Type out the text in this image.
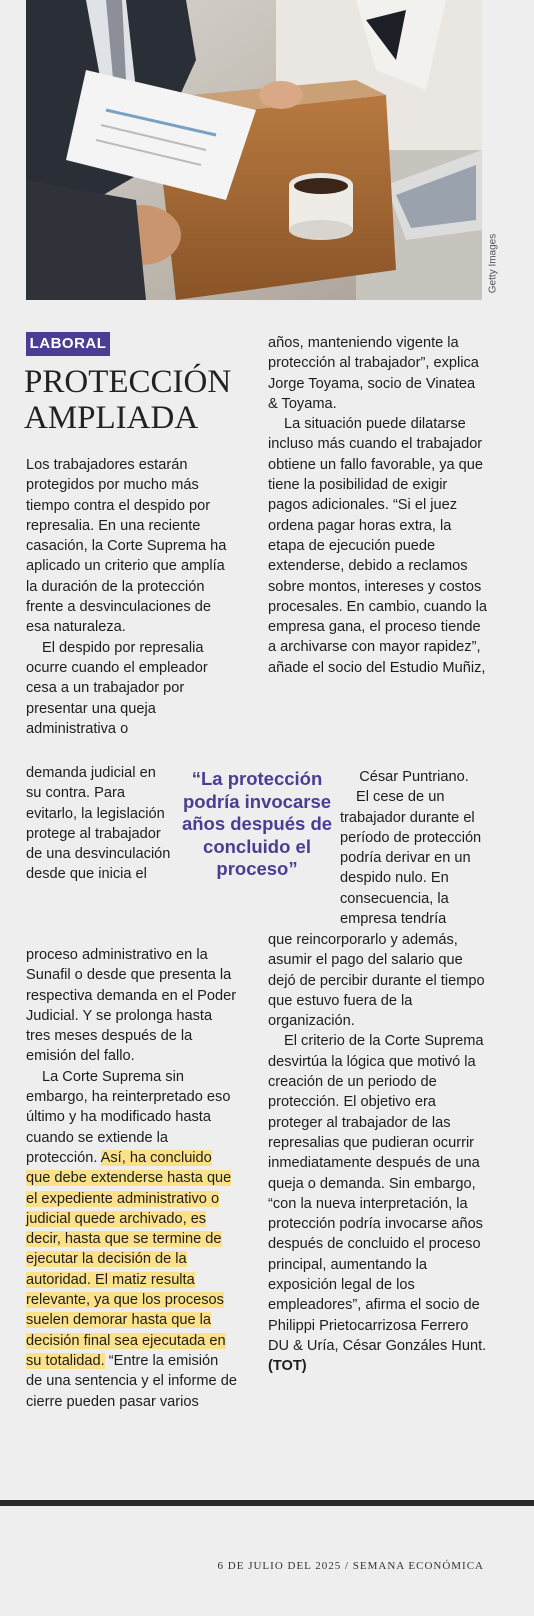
Getty Images
LABORAL
PROTECCIÓN AMPLIADA

Los trabajadores estarán protegidos por mucho más tiempo contra el despido por represalia. En una reciente casación, la Corte Suprema ha aplicado un criterio que amplía la duración de la protección frente a desvinculaciones de esa naturaleza.

El despido por represalia ocurre cuando el empleador cesa a un trabajador por presentar una queja administrativa o

demanda judicial en su contra. Para evitarlo, la legislación protege al trabajador de una desvinculación desde que inicia el

proceso administrativo en la Sunafil o desde que presenta la respectiva demanda en el Poder Judicial. Y se prolonga hasta tres meses después de la emisión del fallo.

La Corte Suprema sin embargo, ha reinterpretado eso último y ha modificado hasta cuando se extiende la protección. Así, ha concluido que debe extenderse hasta que el expediente administrativo o judicial quede archivado, es decir, hasta que se termine de ejecutar la decisión de la autoridad. El matiz resulta relevante, ya que los procesos suelen demorar hasta que la decisión final sea ejecutada en su totalidad. “Entre la emisión de una sentencia y el informe de cierre pueden pasar varios

“La protección podría invocarse años después de concluido el proceso”

años, manteniendo vigente la protección al trabajador”, explica Jorge Toyama, socio de Vinatea & Toyama.

La situación puede dilatarse incluso más cuando el trabajador obtiene un fallo favorable, ya que tiene la posibilidad de exigir pagos adicionales. “Si el juez ordena pagar horas extra, la etapa de ejecución puede extenderse, debido a reclamos sobre montos, intereses y costos procesales. En cambio, cuando la empresa gana, el proceso tiende a archivarse con mayor rapidez”, añade el socio del Estudio Muñiz,

César Puntriano.

El cese de un trabajador durante el período de protección podría derivar en un despido nulo. En consecuencia, la empresa tendría

que reincorporarlo y además, asumir el pago del salario que dejó de percibir durante el tiempo que estuvo fuera de la organización.

El criterio de la Corte Suprema desvirtúa la lógica que motivó la creación de un periodo de protección. El objetivo era proteger al trabajador de las represalias que pudieran ocurrir inmediatamente después de una queja o demanda. Sin embargo, “con la nueva interpretación, la protección podría invocarse años después de concluido el proceso principal, aumentando la exposición legal de los empleadores”, afirma el socio de Philippi Prietocarrizosa Ferrero DU & Uría, César Gonzáles Hunt. (TOT)

6 DE JULIO DEL 2025 / SEMANA ECONÓMICA
